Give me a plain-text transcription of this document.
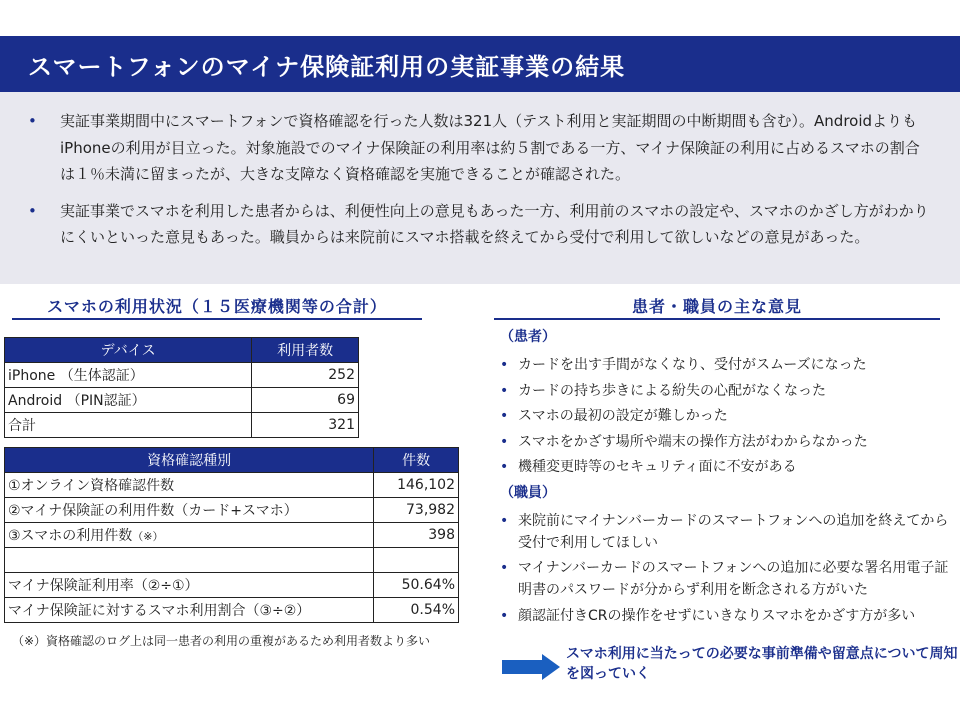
スマートフォンのマイナ保険証利用の実証事業の結果
• 実証事業期間中にスマートフォンで資格確認を行った人数は321人（テスト利用と実証期間の中断期間も含む）。Androidよりも iPhoneの利用が目立った。対象施設でのマイナ保険証の利用率は約５割である一方、マイナ保険証の利用に占めるスマホの割合は１％未満に留まったが、大きな支障なく資格確認を実施できることが確認された。
• 実証事業でスマホを利用した患者からは、利便性向上の意見もあった一方、利用前のスマホの設定や、スマホのかざし方がわかりにくいといった意見もあった。職員からは来院前にスマホ搭載を終えてから受付で利用して欲しいなどの意見があった。
スマホの利用状況（１５医療機関等の合計）
デバイス	利用者数
iPhone （生体認証）	252
Android （PIN認証）	69
合計	321
資格確認種別	件数
①オンライン資格確認件数	146,102
②マイナ保険証の利用件数（カード+スマホ）	73,982
③スマホの利用件数（※）	398

マイナ保険証利用率（②÷①）	50.64%
マイナ保険証に対するスマホ利用割合（③÷②）	0.54%
（※）資格確認のログ上は同一患者の利用の重複があるため利用者数より多い
患者・職員の主な意見
（患者）
• カードを出す手間がなくなり、受付がスムーズになった
• カードの持ち歩きによる紛失の心配がなくなった
• スマホの最初の設定が難しかった
• スマホをかざす場所や端末の操作方法がわからなかった
• 機種変更時等のセキュリティ面に不安がある
（職員）
• 来院前にマイナンバーカードのスマートフォンへの追加を終えてから受付で利用してほしい
• マイナンバーカードのスマートフォンへの追加に必要な署名用電子証明書のパスワードが分からず利用を断念される方がいた
• 顔認証付きCRの操作をせずにいきなりスマホをかざす方が多い
スマホ利用に当たっての必要な事前準備や留意点について周知を図っていく
